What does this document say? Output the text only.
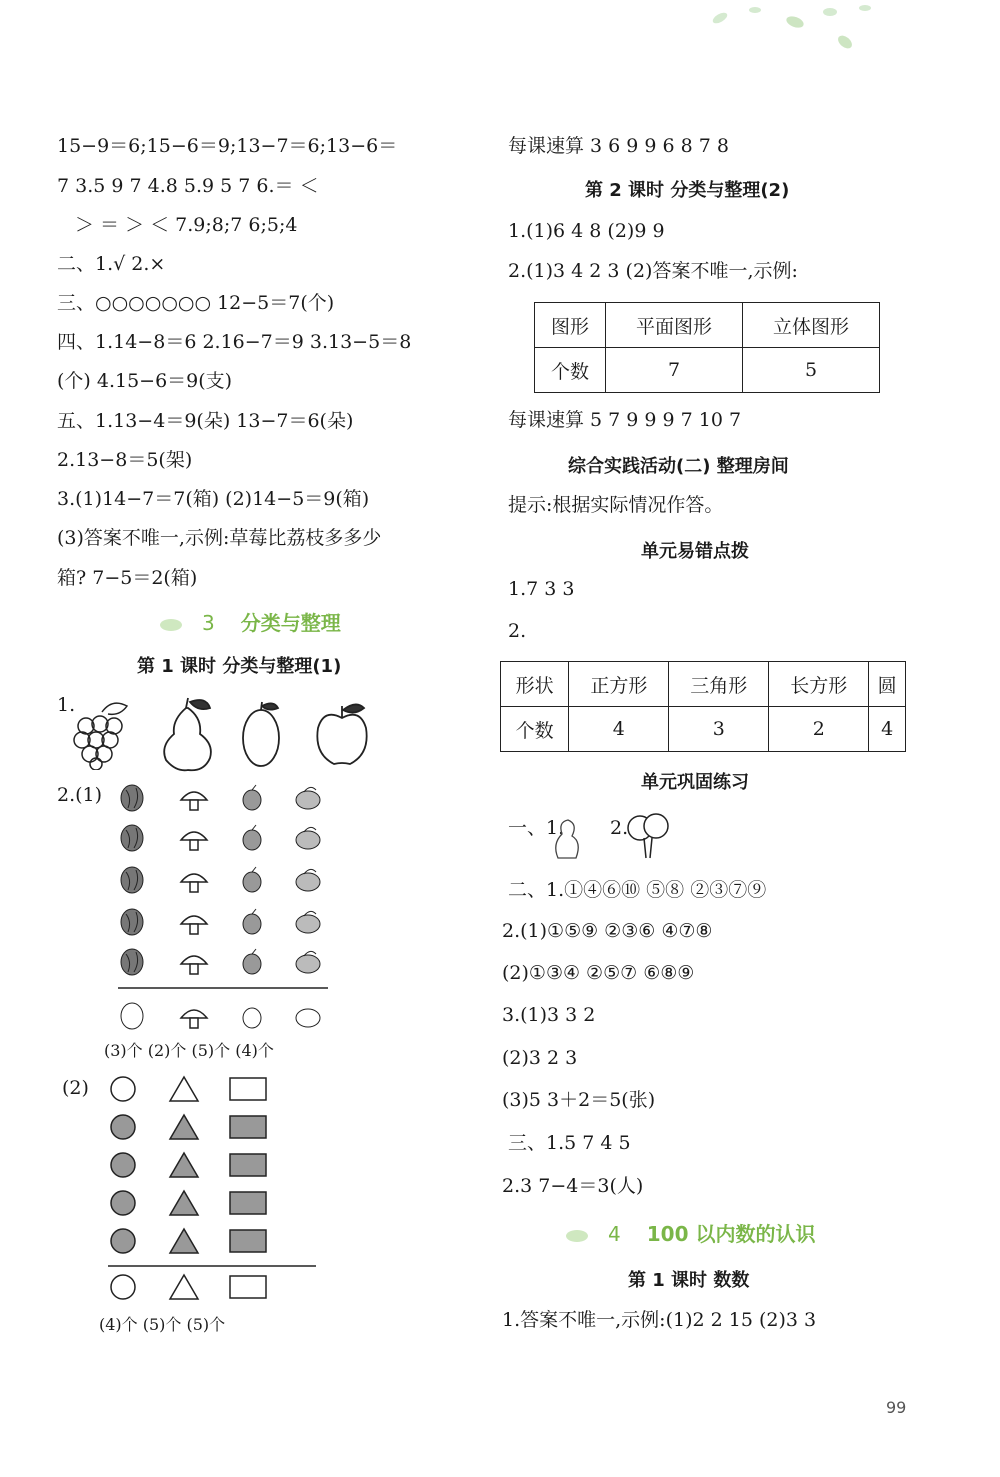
15−9＝6;15−6＝9;13−7＝6;13−6＝
7 3.5 9 7 4.8 5.9 5 7 6.＝ ＜
＞ ＝ ＞ ＜ 7.9;8;7 6;5;4
二、1.√ 2.×
三、○○○○○○○ 12−5＝7(个)
四、1.14−8＝6 2.16−7＝9 3.13−5＝8
(个) 4.15−6＝9(支)
五、1.13−4＝9(朵) 13−7＝6(朵)
2.13−8＝5(架)
3.(1)14−7＝7(箱) (2)14−5＝9(箱)
(3)答案不唯一,示例:草莓比荔枝多多少
箱? 7−5＝2(箱)
3 分类与整理
第 1 课时 分类与整理(1)
1.
2.(1)
(3)个 (2)个 (5)个 (4)个
(2)
(4)个 (5)个 (5)个
每课速算 3 6 9 9 6 8 7 8
第 2 课时 分类与整理(2)
1.(1)6 4 8 (2)9 9
2.(1)3 4 2 3 (2)答案不唯一,示例:
图形	平面图形	立体图形
个数	7	5
每课速算 5 7 9 9 9 7 10 7
综合实践活动(二) 整理房间
提示:根据实际情况作答。
单元易错点拨
1.7 3 3
2.
形状	正方形	三角形	长方形	圆
个数	4	3	2	4
单元巩固练习
一、1. 2.
二、1.①④⑥⑩ ⑤⑧ ②③⑦⑨
2.(1)①⑤⑨ ②③⑥ ④⑦⑧
(2)①③④ ②⑤⑦ ⑥⑧⑨
3.(1)3 3 2
(2)3 2 3
(3)5 3＋2＝5(张)
三、1.5 7 4 5
2.3 7−4＝3(人)
4 100 以内数的认识
第 1 课时 数数
1.答案不唯一,示例:(1)2 2 15 (2)3 3
99
